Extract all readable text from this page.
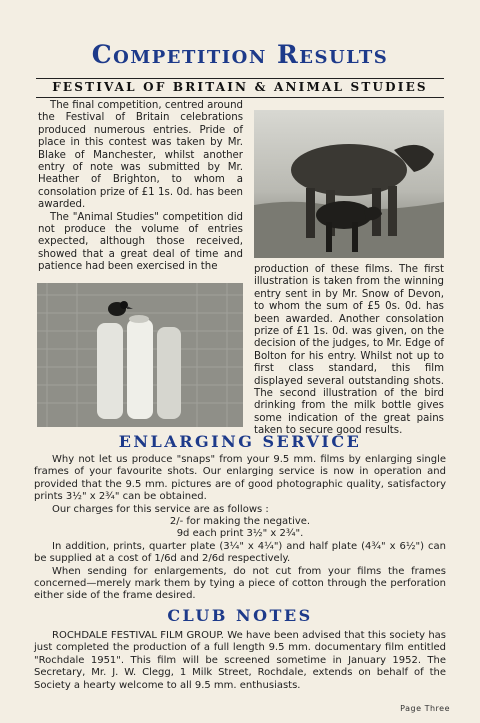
Competition Results
FESTIVAL OF BRITAIN & ANIMAL STUDIES

The final competition, centred around the Festival of Britain celebrations produced numerous entries. Pride of place in this contest was taken by Mr. Blake of Manchester, whilst another entry of note was submitted by Mr. Heather of Brighton, to whom a consolation prize of £1 1s. 0d. has been awarded.

The "Animal Studies" competition did not produce the volume of entries expected, although those received, showed that a great deal of time and patience had been exercised in the	production of these films. The first illustration is taken from the winning entry sent in by Mr. Snow of Devon, to whom the sum of £5 0s. 0d. has been awarded. Another consolation prize of £1 1s. 0d. was given, on the decision of the judges, to Mr. Edge of Bolton for his entry. Whilst not up to first class standard, this film displayed several outstanding shots. The second illustration of the bird drinking from the milk bottle gives some indication of the great pains taken to secure good results.

ENLARGING SERVICE

Why not let us produce "snaps" from your 9.5 mm. films by enlarging single frames of your favourite shots. Our enlarging service is now in operation and provided that the 9.5 mm. pictures are of good photographic quality, satisfactory prints 3½" x 2¾" can be obtained.

Our charges for this service are as follows :

2/- for making the negative.

9d each print 3½" x 2¾".

In addition, prints, quarter plate (3¼" x 4¼") and half plate (4¾" x 6½") can be supplied at a cost of 1/6d and 2/6d respectively.

When sending for enlargements, do not cut from your films the frames concerned—merely mark them by tying a piece of cotton through the perforation either side of the frame desired.

CLUB NOTES

ROCHDALE FESTIVAL FILM GROUP. We have been advised that this society has just completed the production of a full length 9.5 mm. documentary film entitled "Rochdale 1951". This film will be screened sometime in January 1952. The Secretary, Mr. J. W. Clegg, 1 Milk Street, Rochdale, extends on behalf of the Society a hearty welcome to all 9.5 mm. enthusiasts.

Page Three
